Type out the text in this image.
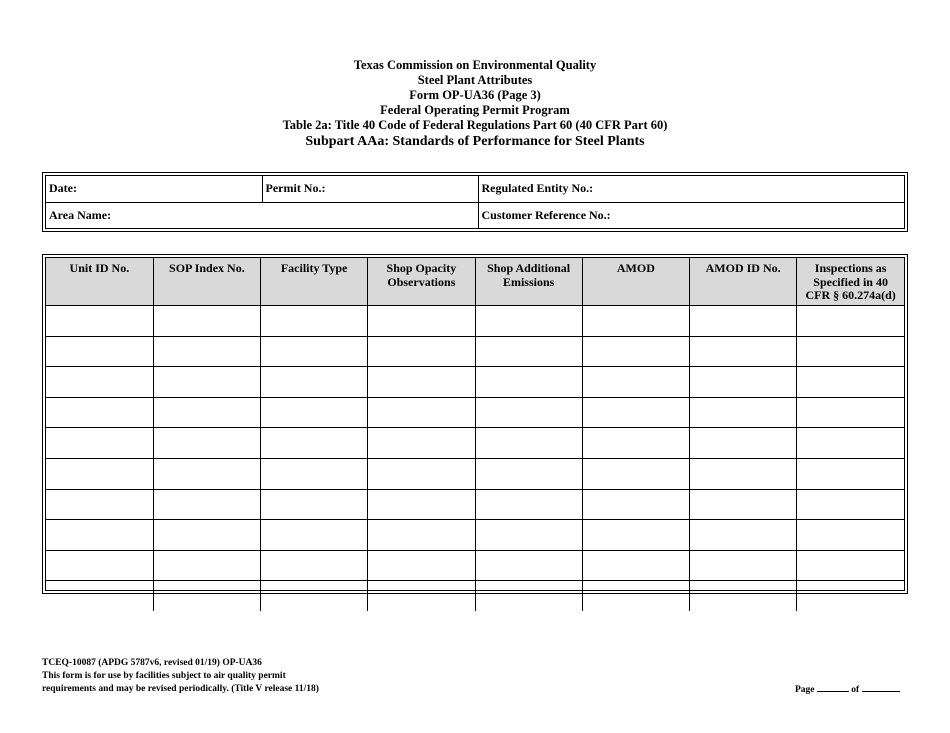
Texas Commission on Environmental Quality
Steel Plant Attributes
Form OP-UA36 (Page 3)
Federal Operating Permit Program
Table 2a: Title 40 Code of Federal Regulations Part 60 (40 CFR Part 60)
Subpart AAa: Standards of Performance for Steel Plants
Date:	Permit No.:	Regulated Entity No.:
Area Name:		Customer Reference No.:
Unit ID No.	SOP Index No.	Facility Type	Shop Opacity Observations	Shop Additional Emissions	AMOD	AMOD ID No.	Inspections as Specified in 40 CFR § 60.274a(d)

TCEQ-10087 (APDG 5787v6, revised 01/19) OP-UA36
This form is for use by facilities subject to air quality permit
requirements and may be revised periodically. (Title V release 11/18)	Page	of
